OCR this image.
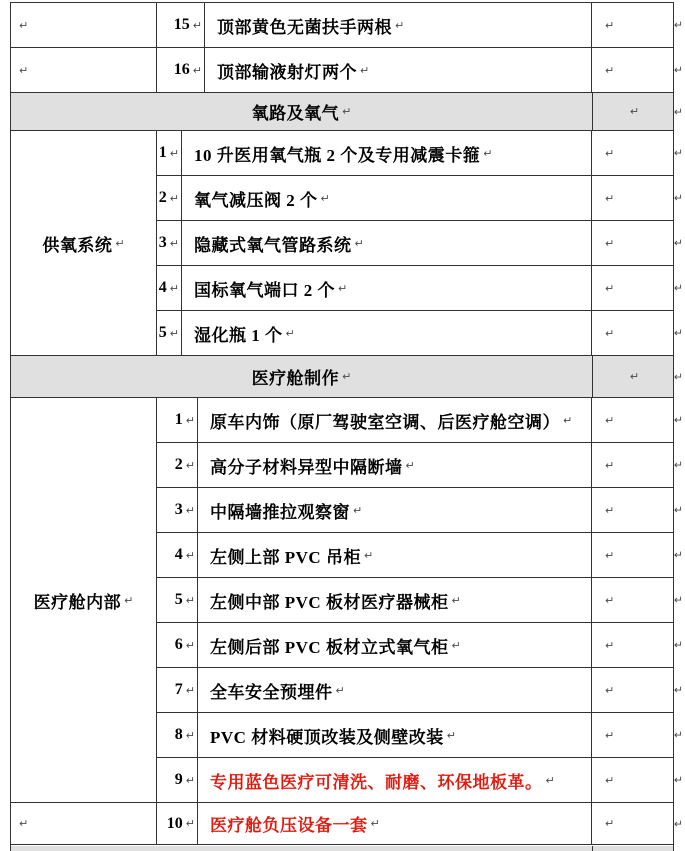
↵	15 ↵ 顶部黄色无菌扶手两根 ↵	↵	↵
↵	16 ↵ 顶部输液射灯两个 ↵	↵	↵
氧路及氧气 ↵	↵	↵
供氧系统 ↵
1 ↵ 10 升医用氧气瓶 2 个及专用减震卡箍 ↵	↵	↵
2 ↵ 氧气减压阀 2 个 ↵	↵	↵
3 ↵ 隐藏式氧气管路系统 ↵	↵	↵
4 ↵ 国标氧气端口 2 个 ↵	↵	↵
5 ↵ 湿化瓶 1 个 ↵	↵	↵
医疗舱制作 ↵	↵	↵
医疗舱内部 ↵
1 ↵ 原车内饰（原厂驾驶室空调、后医疗舱空调） ↵	↵	↵
2 ↵ 高分子材料异型中隔断墙 ↵	↵	↵
3 ↵ 中隔墙推拉观察窗 ↵	↵	↵
4 ↵ 左侧上部 PVC 吊柜 ↵	↵	↵
5 ↵ 左侧中部 PVC 板材医疗器械柜 ↵	↵	↵
6 ↵ 左侧后部 PVC 板材立式氧气柜 ↵	↵	↵
7 ↵ 全车安全预埋件 ↵	↵	↵
8 ↵ PVC 材料硬顶改装及侧壁改装 ↵	↵	↵
9 ↵ 专用蓝色医疗可清洗、耐磨、环保地板革。 ↵	↵	↵
↵	10 ↵ 医疗舱负压设备一套 ↵	↵	↵
